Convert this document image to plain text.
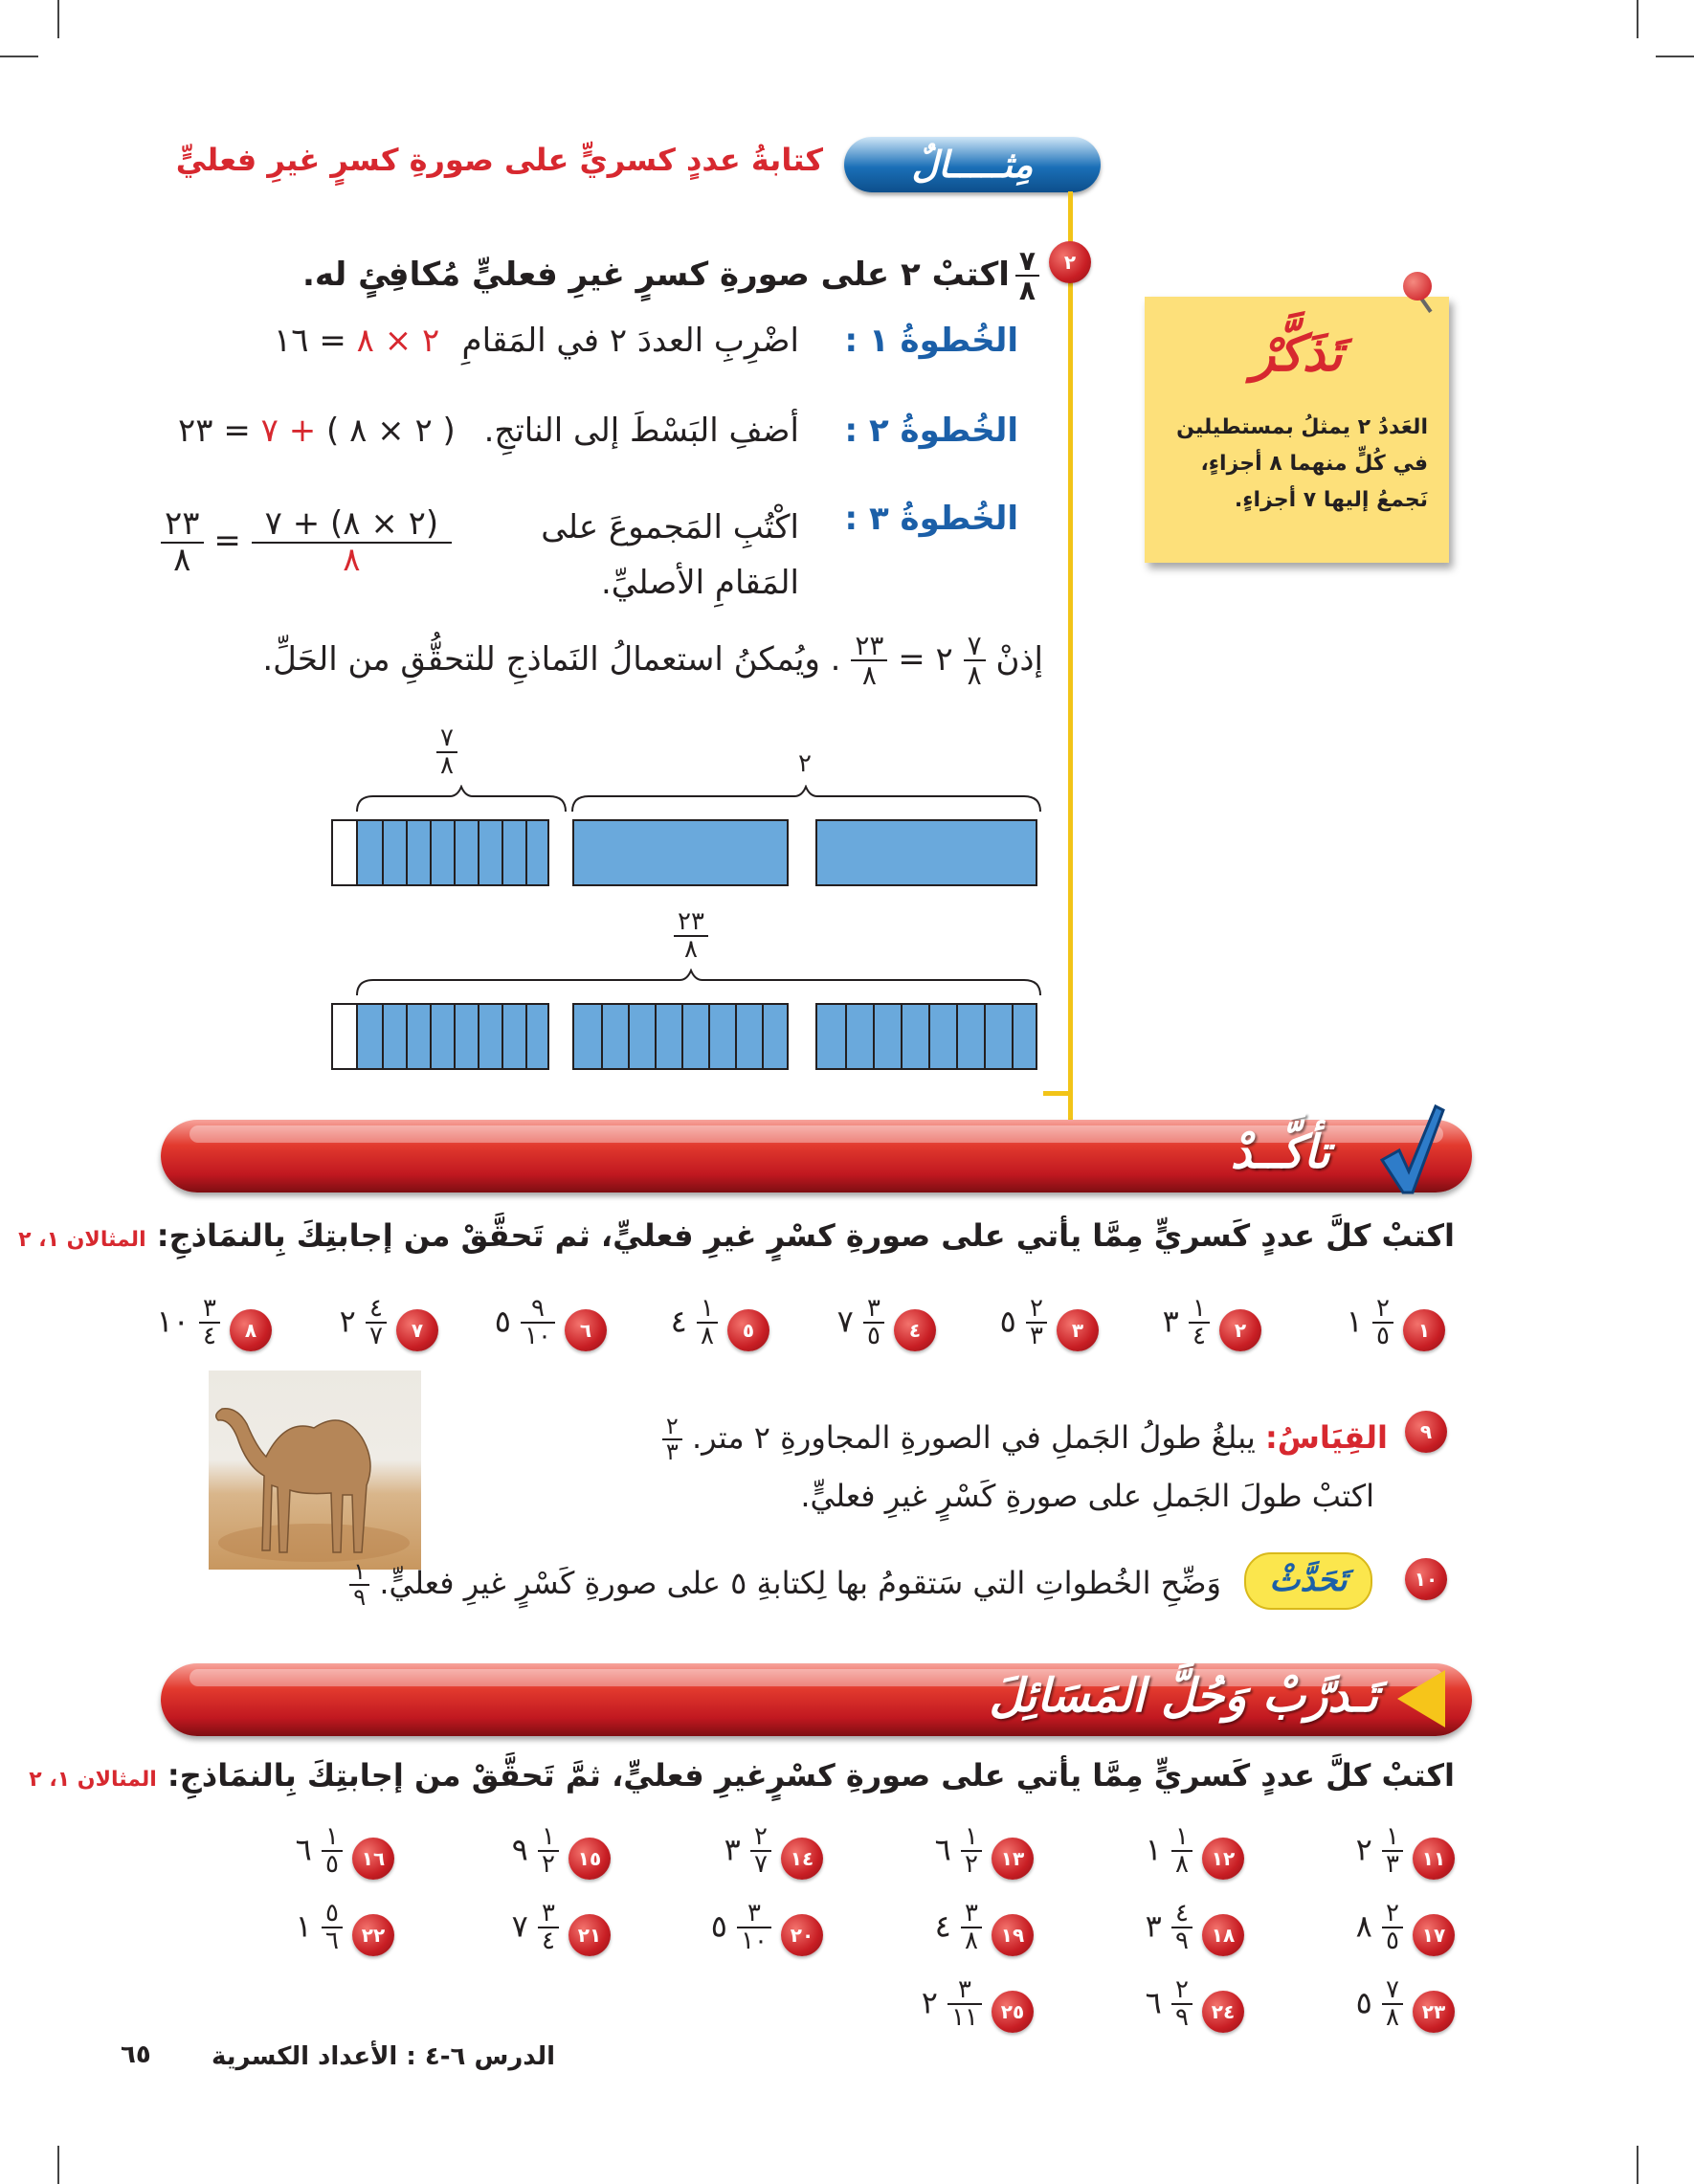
مِثـــــالٌ
كتابةُ عددٍ كسريٍّ على صورةِ كسرٍ غيرِ فعليٍّ
٢
$\frac{٧}{٨}$
اكتبْ ٢ على صورةِ كسرٍ غيرِ فعليٍّ مُكافِئٍ له.
الخُطوةُ ١ :
اضْرِبِ العددَ ٢ في المَقامِ
٢ × ٨ = ١٦
الخُطوةُ ٢ :
أضفِ البَسْطَ إلى الناتجِ.
( ٢ × ٨ ) + ٧ = ٢٣
الخُطوةُ ٣ :
اكْتُبِ المَجموعَ على المَقامِ الأصليِّ.
$\frac{(٢ \times ٨) + ٧}{٨}$
=
$\frac{٢٣}{٨}$
إذنْ
$\frac{٧}{٨}$
٢ =
$\frac{٢٣}{٨}$
. ويُمكنُ استعمالُ النَماذجِ للتحقُّقِ من الحَلِّ.
$\frac{٧}{٨}$	٢
$\frac{٢٣}{٨}$
تَذَكَّرْ
العَددُ ٢ يمثلُ بمستطيلين في كُلٍّ منهما ٨ أجزاءٍ، نَجمعُ إليها ٧ أجزاءٍ.
تأكَّــدْ
اكتبْ كلَّ عددٍ كَسريٍّ مِمَّا يأتي على صورةِ كسْرٍ غيرِ فعليٍّ، ثم تَحقَّقْ من إجابتِكَ بِالنمَاذجِ: المثالان ١، ٢
٩
القِيَاسُ: يبلغُ طولُ الجَملِ في الصورةِ المجاورةِ ٢ متر.
$\frac{٢}{٣}$
اكتبْ طولَ الجَملِ على صورةِ كَسْرٍ غيرِ فعليٍّ.
١٠
تَحَدَّثْ
وَضِّحِ الخُطواتِ التي سَتقومُ بها لِكتابةِ ٥ على صورةِ كَسْرٍ غيرِ فعليٍّ.
$\frac{١}{٩}$
تَـدرَّبْ وَحُلَّ المَسَائِلَ
اكتبْ كلَّ عددٍ كَسريٍّ مِمَّا يأتي على صورةِ كسْرٍغيرِ فعليٍّ، ثمَّ تَحقَّقْ من إجابتِكَ بِالنمَاذجِ: المثالان ١، ٢
الدرس ٦-٤ : الأعداد الكسرية
٦٥
١
١ $\frac{٢}{٥}$
٢
٣ $\frac{١}{٤}$
٣
٥ $\frac{٢}{٣}$
٤
٧ $\frac{٣}{٥}$
٥
٤ $\frac{١}{٨}$
٦
٥ $\frac{٩}{١٠}$
٧
٢ $\frac{٤}{٧}$
٨
١٠ $\frac{٣}{٤}$
١١
٢ $\frac{١}{٣}$
١٢
١ $\frac{١}{٨}$
١٣
٦ $\frac{١}{٢}$
١٤
٣ $\frac{٢}{٧}$
١٥
٩ $\frac{١}{٢}$
١٦
٦ $\frac{١}{٥}$
١٧
٨ $\frac{٢}{٥}$
١٨
٣ $\frac{٤}{٩}$
١٩
٤ $\frac{٣}{٨}$
٢٠
٥ $\frac{٣}{١٠}$
٢١
٧ $\frac{٣}{٤}$
٢٢
١ $\frac{٥}{٦}$
٢٣
٥ $\frac{٧}{٨}$
٢٤
٦ $\frac{٢}{٩}$
٢٥
٢ $\frac{٣}{١١}$
